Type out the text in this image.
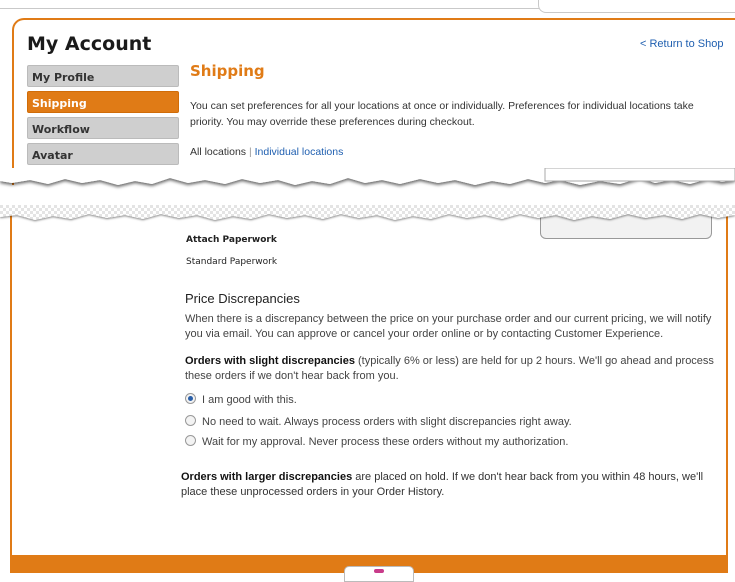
My Account	< Return to Shop
My Profile
Shipping
Workflow
Avatar
Shipping
You can set preferences for all your locations at once or individually. Preferences for individual locations take priority. You may override these preferences during checkout.
All locations | Individual locations
Attach Paperwork
Standard Paperwork
Price Discrepancies
When there is a discrepancy between the price on your purchase order and our current pricing, we will notify you via email. You can approve or cancel your order online or by contacting Customer Experience.
Orders with slight discrepancies (typically 6% or less) are held for up 2 hours. We'll go ahead and process these orders if we don't hear back from you.
I am good with this.
No need to wait. Always process orders with slight discrepancies right away.
Wait for my approval. Never process these orders without my authorization.
Orders with larger discrepancies are placed on hold. If we don't hear back from you within 48 hours, we'll place these unprocessed orders in your Order History.
